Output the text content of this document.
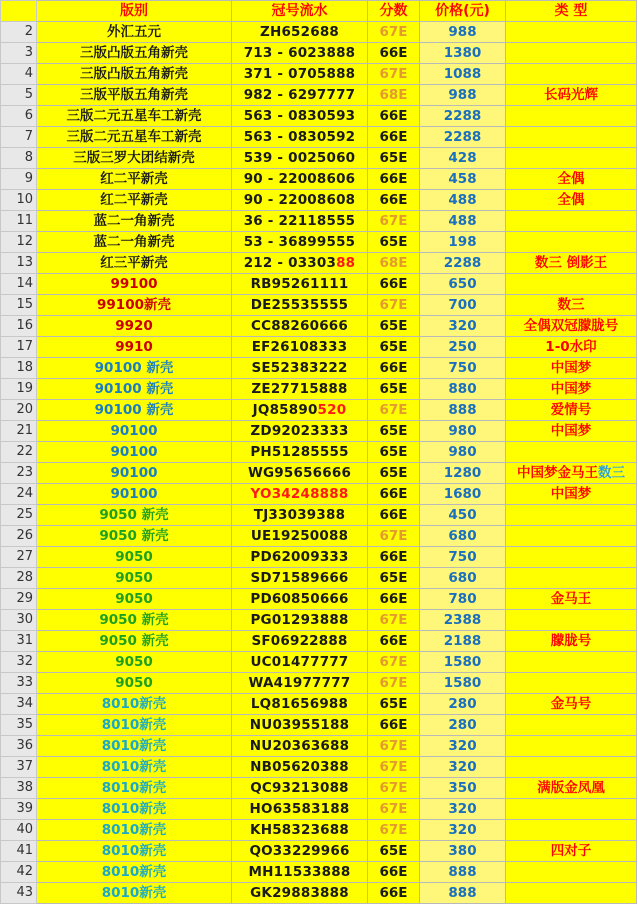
	版别	冠号流水	分数	价格(元)	类 型
2	外汇五元	ZH652688	67E	988	
3	三版凸版五角新壳	713 - 6023888	66E	1380	
4	三版凸版五角新壳	371 - 0705888	67E	1088	
5	三版平版五角新壳	982 - 6297777	68E	988	长码光辉
6	三版二元五星车工新壳	563 - 0830593	66E	2288	
7	三版二元五星车工新壳	563 - 0830592	66E	2288	
8	三版三罗大团结新壳	539 - 0025060	65E	428	
9	红二平新壳	90 - 22008606	66E	458	全偶
10	红二平新壳	90 - 22008608	66E	488	全偶
11	蓝二一角新壳	36 - 22118555	67E	488	
12	蓝二一角新壳	53 - 36899555	65E	198	
13	红三平新壳	212 - 0330388	68E	2288	数三 倒影王
14	99100	RB95261111	66E	650	
15	99100新壳	DE25535555	67E	700	数三
16	9920	CC88260666	65E	320	全偶双冠朦胧号
17	9910	EF26108333	65E	250	1-0水印
18	90100 新壳	SE52383222	66E	750	中国梦
19	90100 新壳	ZE27715888	65E	880	中国梦
20	90100 新壳	JQ85890520	67E	888	爱情号
21	90100	ZD92023333	65E	980	中国梦
22	90100	PH51285555	65E	980	
23	90100	WG95656666	65E	1280	中国梦金马王数三
24	90100	YO34248888	66E	1680	中国梦
25	9050 新壳	TJ33039388	66E	450	
26	9050 新壳	UE19250088	67E	680	
27	9050	PD62009333	66E	750	
28	9050	SD71589666	65E	680	
29	9050	PD60850666	66E	780	金马王
30	9050 新壳	PG01293888	67E	2388	
31	9050 新壳	SF06922888	66E	2188	朦胧号
32	9050	UC01477777	67E	1580	
33	9050	WA41977777	67E	1580	
34	8010新壳	LQ81656988	65E	280	金马号
35	8010新壳	NU03955188	66E	280	
36	8010新壳	NU20363688	67E	320	
37	8010新壳	NB05620388	67E	320	
38	8010新壳	QC93213088	67E	350	满版金凤凰
39	8010新壳	HO63583188	67E	320	
40	8010新壳	KH58323688	67E	320	
41	8010新壳	QO33229966	65E	380	四对子
42	8010新壳	MH11533888	66E	888	
43	8010新壳	GK29883888	66E	888	
